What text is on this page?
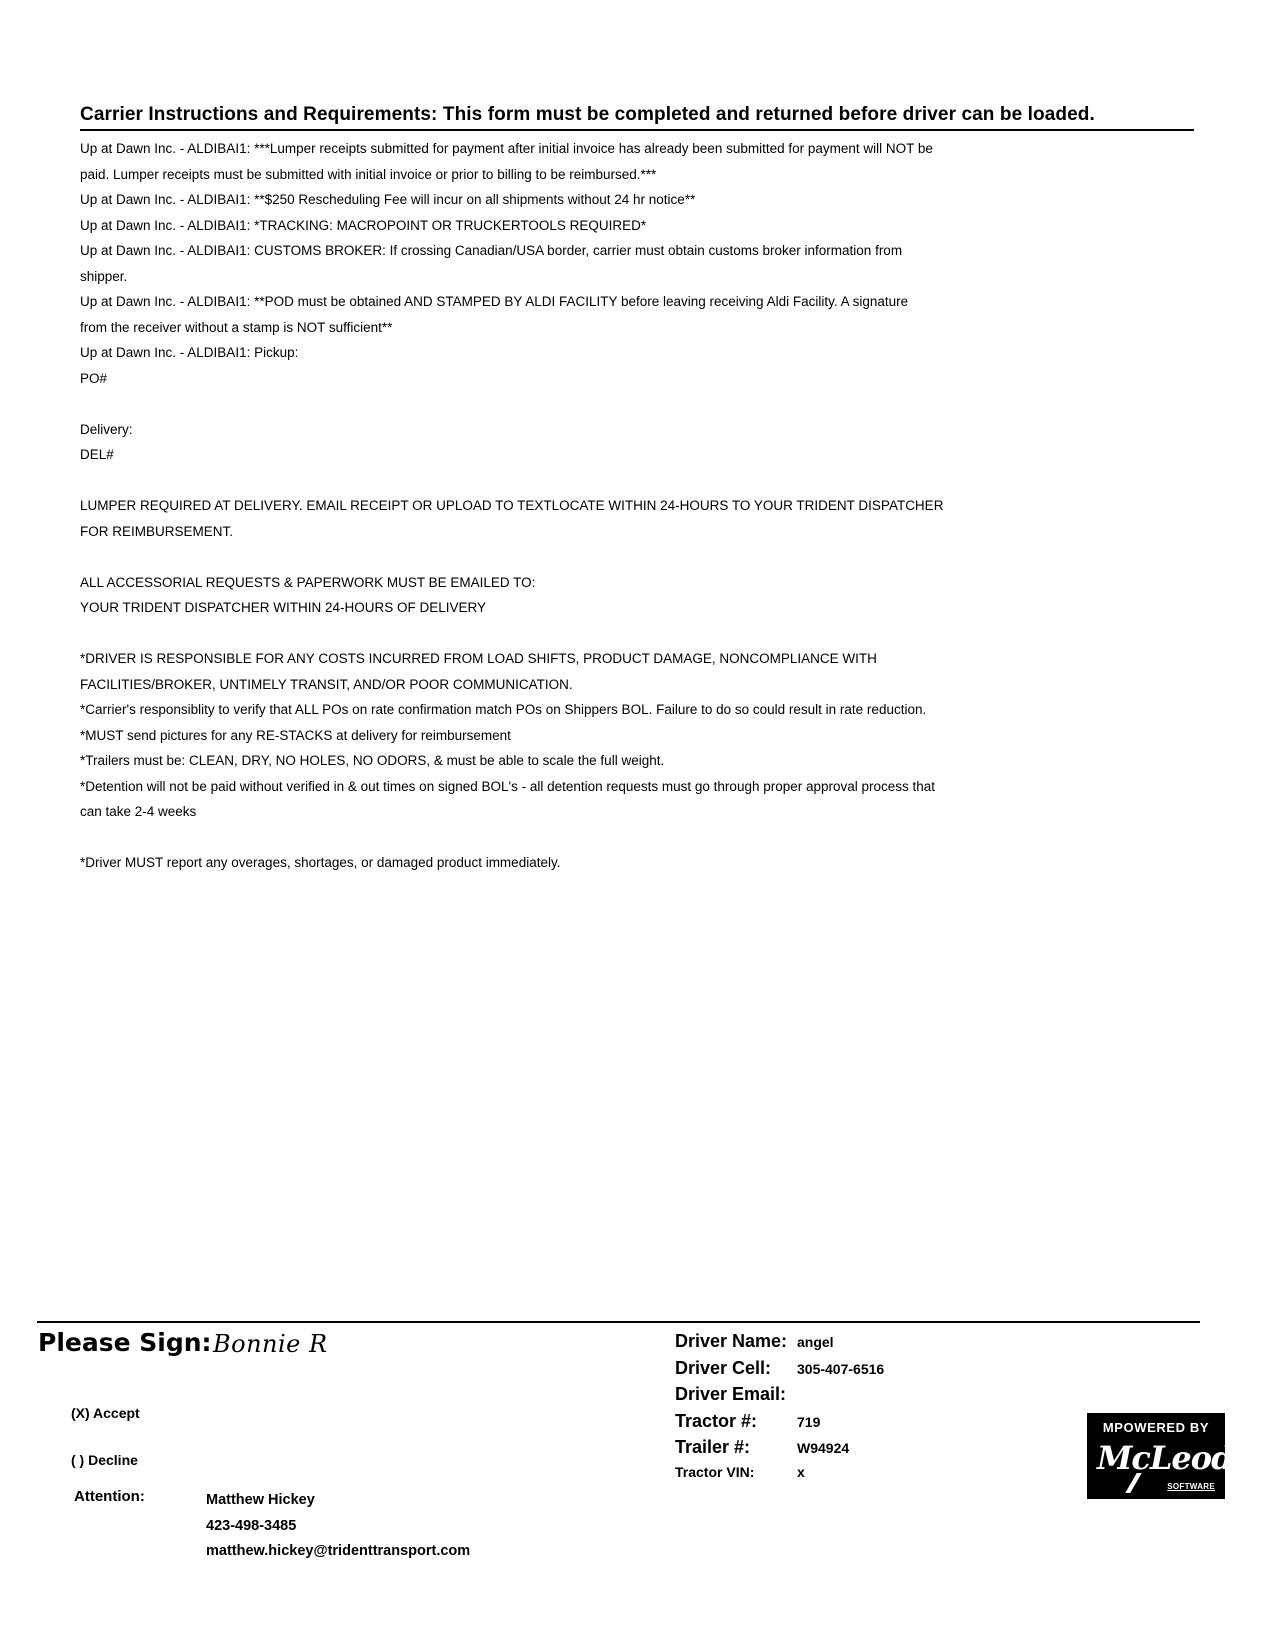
Carrier Instructions and Requirements: This form must be completed and returned before driver can be loaded.
Up at Dawn Inc. - ALDIBAI1: ***Lumper receipts submitted for payment after initial invoice has already been submitted for payment will NOT be
paid. Lumper receipts must be submitted with initial invoice or prior to billing to be reimbursed.***
Up at Dawn Inc. - ALDIBAI1: **$250 Rescheduling Fee will incur on all shipments without 24 hr notice**
Up at Dawn Inc. - ALDIBAI1: *TRACKING: MACROPOINT OR TRUCKERTOOLS REQUIRED*
Up at Dawn Inc. - ALDIBAI1: CUSTOMS BROKER: If crossing Canadian/USA border, carrier must obtain customs broker information from
shipper.
Up at Dawn Inc. - ALDIBAI1: **POD must be obtained AND STAMPED BY ALDI FACILITY before leaving receiving Aldi Facility. A signature
from the receiver without a stamp is NOT sufficient**
Up at Dawn Inc. - ALDIBAI1: Pickup:
PO#
Delivery:
DEL#
LUMPER REQUIRED AT DELIVERY. EMAIL RECEIPT OR UPLOAD TO TEXTLOCATE WITHIN 24-HOURS TO YOUR TRIDENT DISPATCHER
FOR REIMBURSEMENT.
ALL ACCESSORIAL REQUESTS & PAPERWORK MUST BE EMAILED TO:
YOUR TRIDENT DISPATCHER WITHIN 24-HOURS OF DELIVERY
*DRIVER IS RESPONSIBLE FOR ANY COSTS INCURRED FROM LOAD SHIFTS, PRODUCT DAMAGE, NONCOMPLIANCE WITH
FACILITIES/BROKER, UNTIMELY TRANSIT, AND/OR POOR COMMUNICATION.
*Carrier's responsiblity to verify that ALL POs on rate confirmation match POs on Shippers BOL. Failure to do so could result in rate reduction.
*MUST send pictures for any RE-STACKS at delivery for reimbursement
*Trailers must be: CLEAN, DRY, NO HOLES, NO ODORS, & must be able to scale the full weight.
*Detention will not be paid without verified in & out times on signed BOL's - all detention requests must go through proper approval process that
can take 2-4 weeks
*Driver MUST report any overages, shortages, or damaged product immediately.
Please Sign: Bonnie R
(X) Accept
( ) Decline
Attention:	Matthew Hickey
423-498-3485
matthew.hickey@tridenttransport.com
Driver Name: angel
Driver Cell:	305-407-6516
Driver Email:
Tractor #:	719
Trailer #:	W94924
Tractor VIN:	x
MPOWERED BY
McLeod
SOFTWARE
